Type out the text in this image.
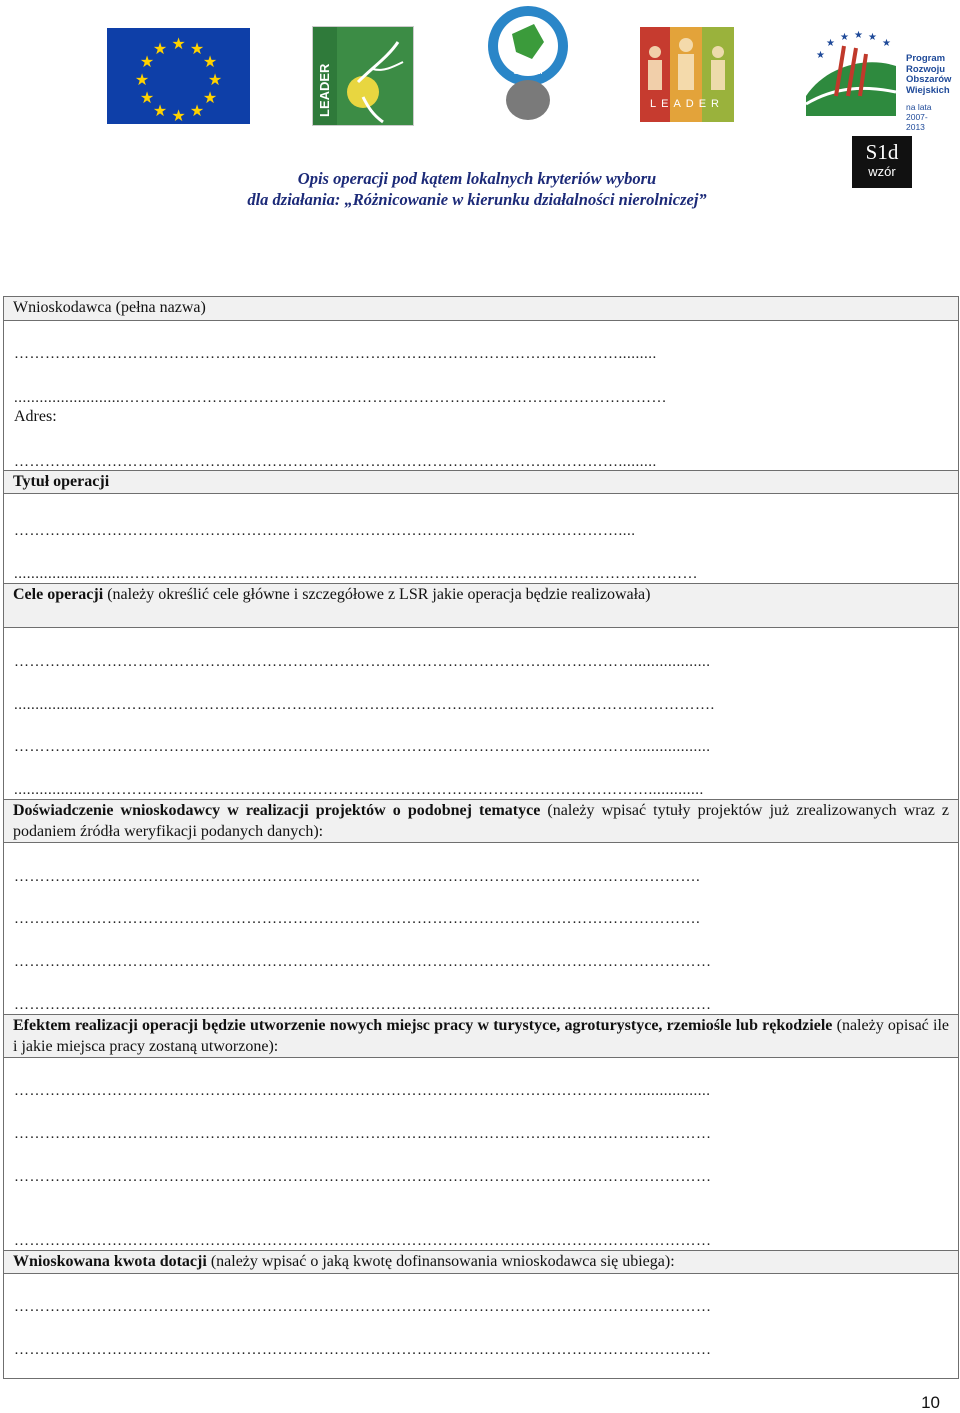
★ ★
★
★
★
★
★
★
★
★
★
★
LEADER	STOLEM
LEADER
★
★ ★ ★
★
★	Program
Rozwoju
Obszarów
Wiejskich
na lata 2007-2013
S1d
wzór
Opis operacji pod kątem lokalnych kryteriów wyboru
dla działania: „Różnicowanie w kierunku działalności nierolniczej”
Wnioskodawca (pełna nazwa)
……………………………………………………………………………………………………….........
..........................……………………………………………………………………………………………
Adres:
……………………………………………………………………………………………………….........
Tytuł operacji
………………………………………………………………………………………………………....
..........................…………………………………………………………………………………………………
Cele operacji (należy określić cele główne i szczegółowe z LSR jakie operacja będzie realizowała)
…………………………………………………………………………………………………………..................
..................………………………………………………………………………………………………………….
…………………………………………………………………………………………………………..................
..................……………………………………………………………………………………………….............
Doświadczenie wnioskodawcy w realizacji projektów o podobnej tematyce (należy wpisać tytuły projektów już zrealizowanych wraz z podaniem źródła weryfikacji podanych danych):
…………………………………………………………………………………………………………………….
…………………………………………………………………………………………………………………….
………………………………………………………………………………………………………………………
………………………………………………………………………………………………………………………
Efektem realizacji operacji będzie utworzenie nowych miejsc pracy w turystyce, agroturystyce, rzemiośle lub rękodziele (należy opisać ile i jakie miejsca pracy zostaną utworzone):
…………………………………………………………………………………………………………..................
………………………………………………………………………………………………………………………
………………………………………………………………………………………………………………………
………………………………………………………………………………………………………………………
Wnioskowana kwota dotacji (należy wpisać o jaką kwotę dofinansowania wnioskodawca się ubiega):
………………………………………………………………………………………………………………………
………………………………………………………………………………………………………………………
10
